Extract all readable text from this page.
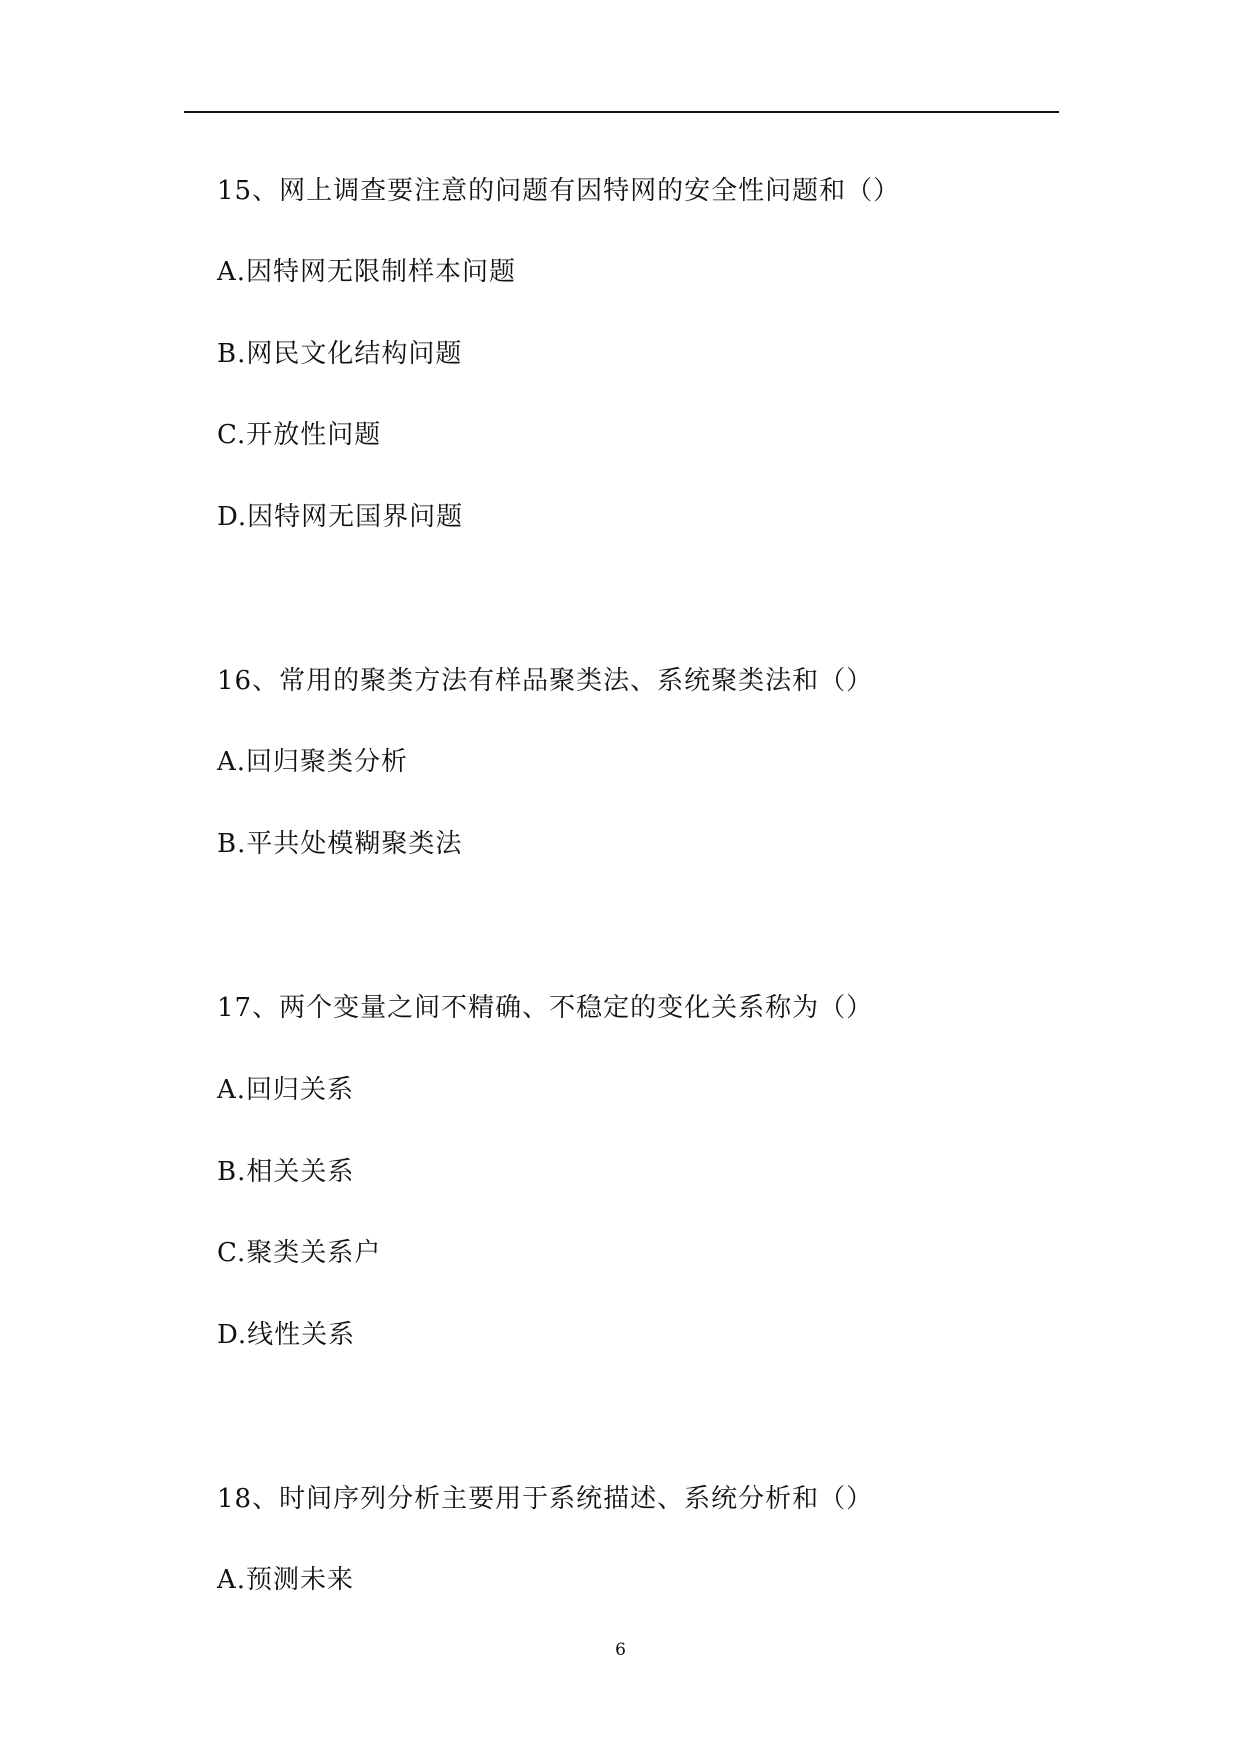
15、网上调查要注意的问题有因特网的安全性问题和（）
A.因特网无限制样本问题
B.网民文化结构问题
C.开放性问题
D.因特网无国界问题
16、常用的聚类方法有样品聚类法、系统聚类法和（）
A.回归聚类分析
B.平共处模糊聚类法
17、两个变量之间不精确、不稳定的变化关系称为（）
A.回归关系
B.相关关系
C.聚类关系户
D.线性关系
18、时间序列分析主要用于系统描述、系统分析和（）
A.预测未来
6
